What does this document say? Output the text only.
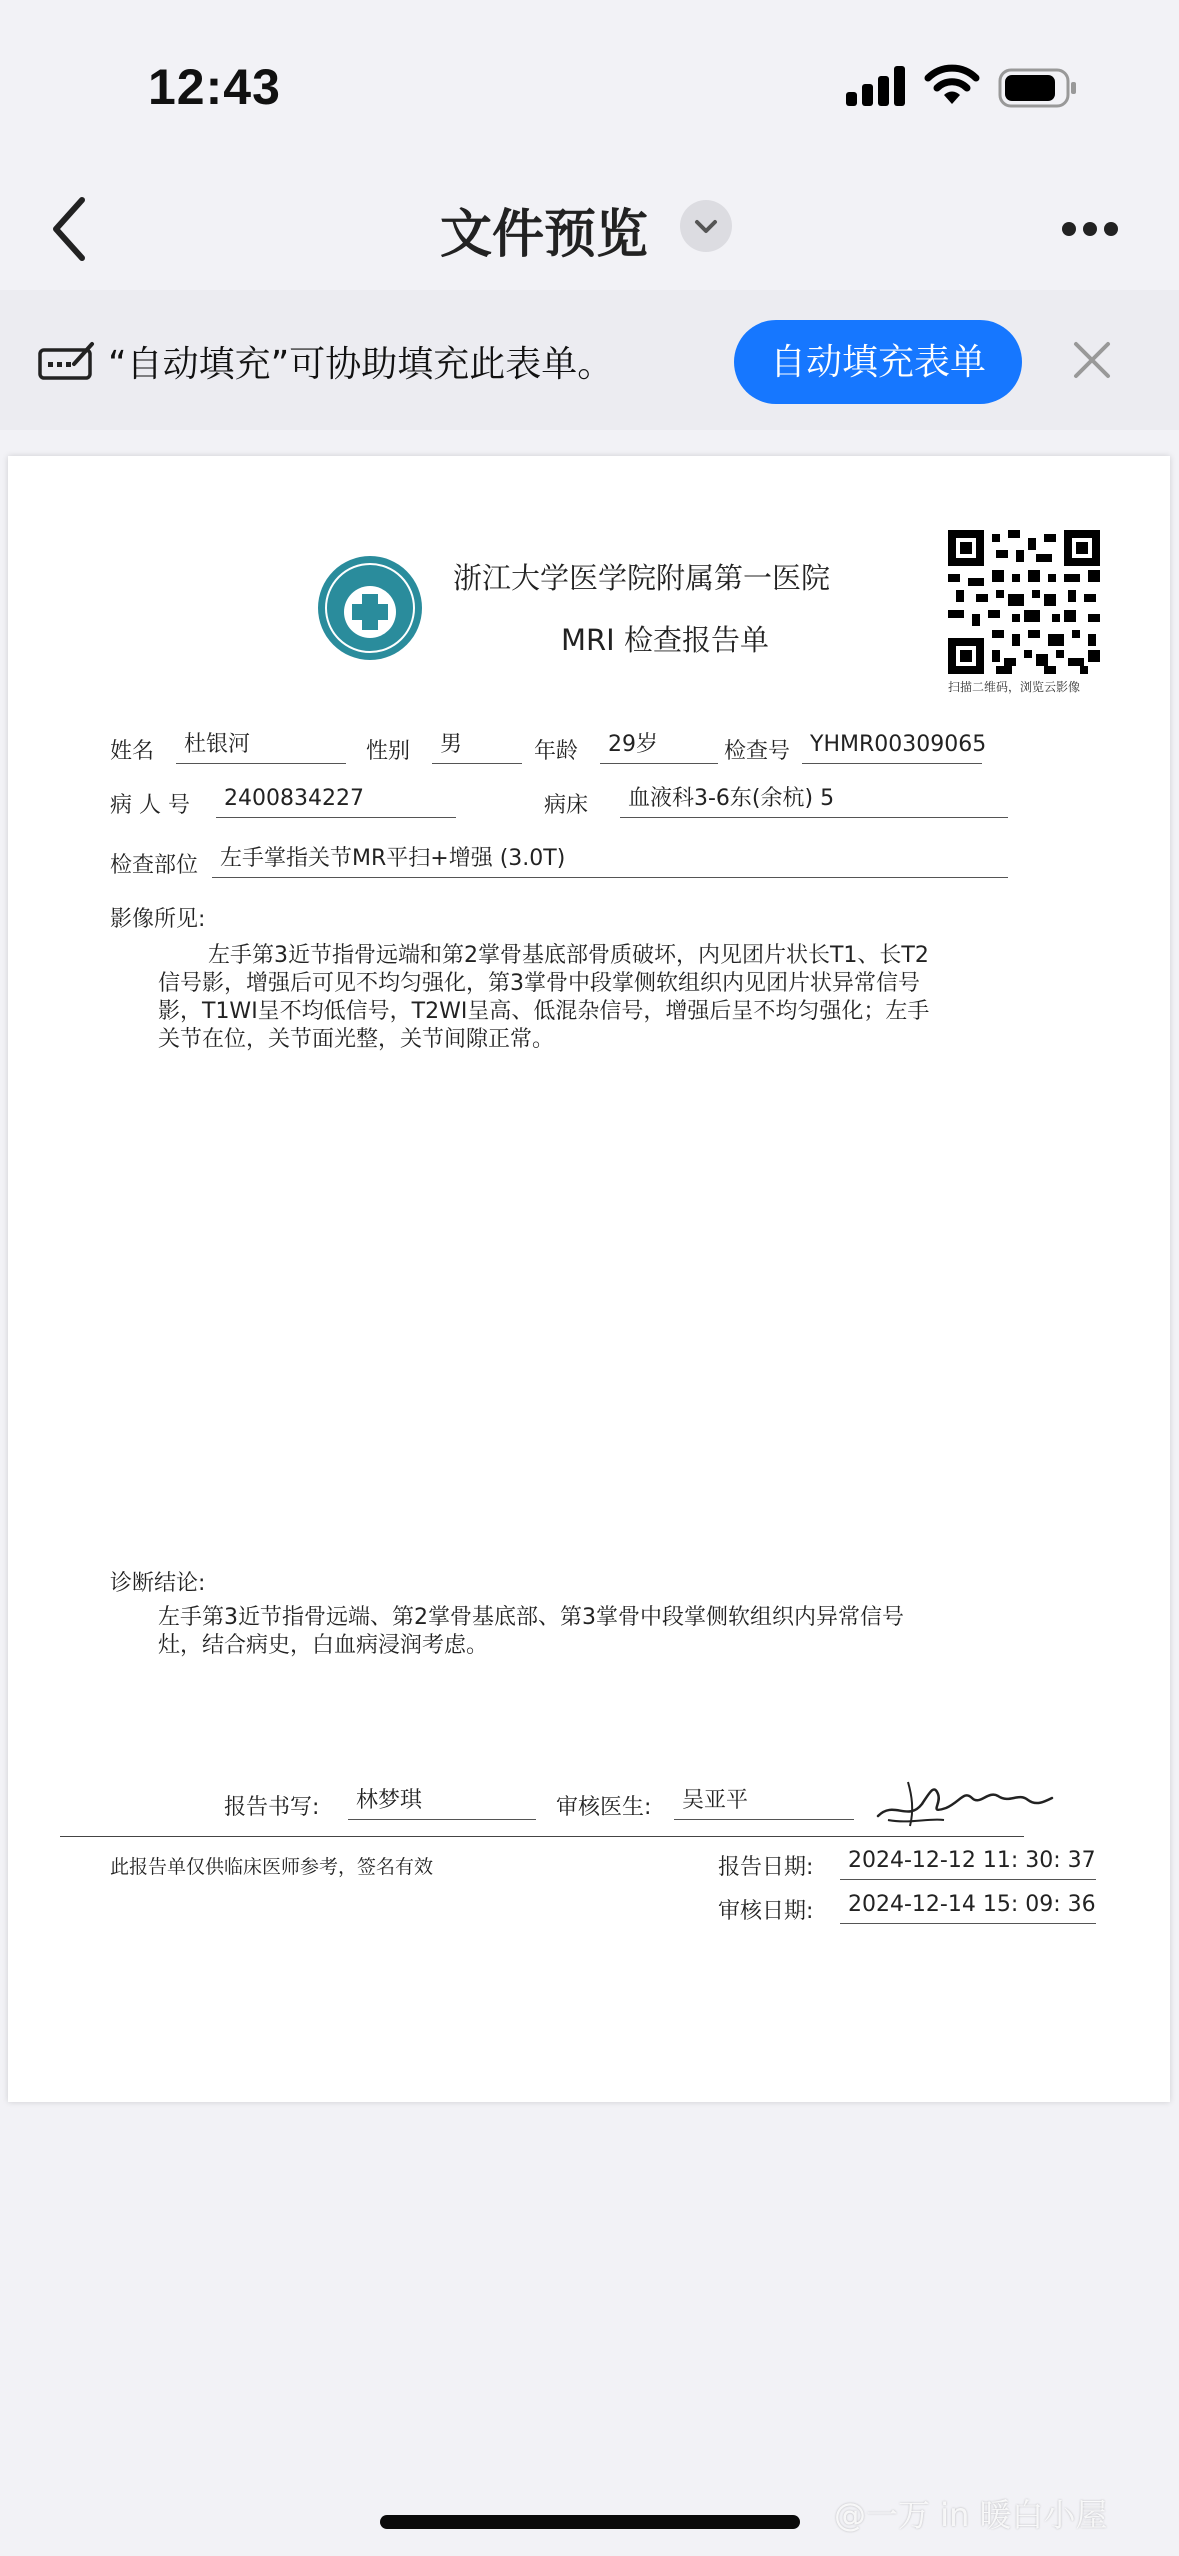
12:43
文件预览
“自动填充”可协助填充此表单。	自动填充表单
浙江大学医学院附属第一医院
MRI 检查报告单
扫描二维码，浏览云影像
姓名	杜银河	性别	男	年龄	29岁	检查号 YHMR00309065
病 人 号	2400834227	病床	血液科3-6东(余杭) 5
检查部位 左手掌指关节MR平扫+增强 (3.0T)
影像所见:
左手第3近节指骨远端和第2掌骨基底部骨质破坏，内见团片状长T1、长T2
信号影，增强后可见不均匀强化，第3掌骨中段掌侧软组织内见团片状异常信号
影，T1WI呈不均低信号，T2WI呈高、低混杂信号，增强后呈不均匀强化；左手
关节在位，关节面光整，关节间隙正常。
诊断结论:
左手第3近节指骨远端、第2掌骨基底部、第3掌骨中段掌侧软组织内异常信号
灶，结合病史，白血病浸润考虑。
报告书写:	林梦琪	审核医生:	吴亚平
此报告单仅供临床医师参考，签名有效	报告日期:	2024-12-12 11: 30: 37
审核日期:	2024-12-14 15: 09: 36
@一万 in 暖白小屋
